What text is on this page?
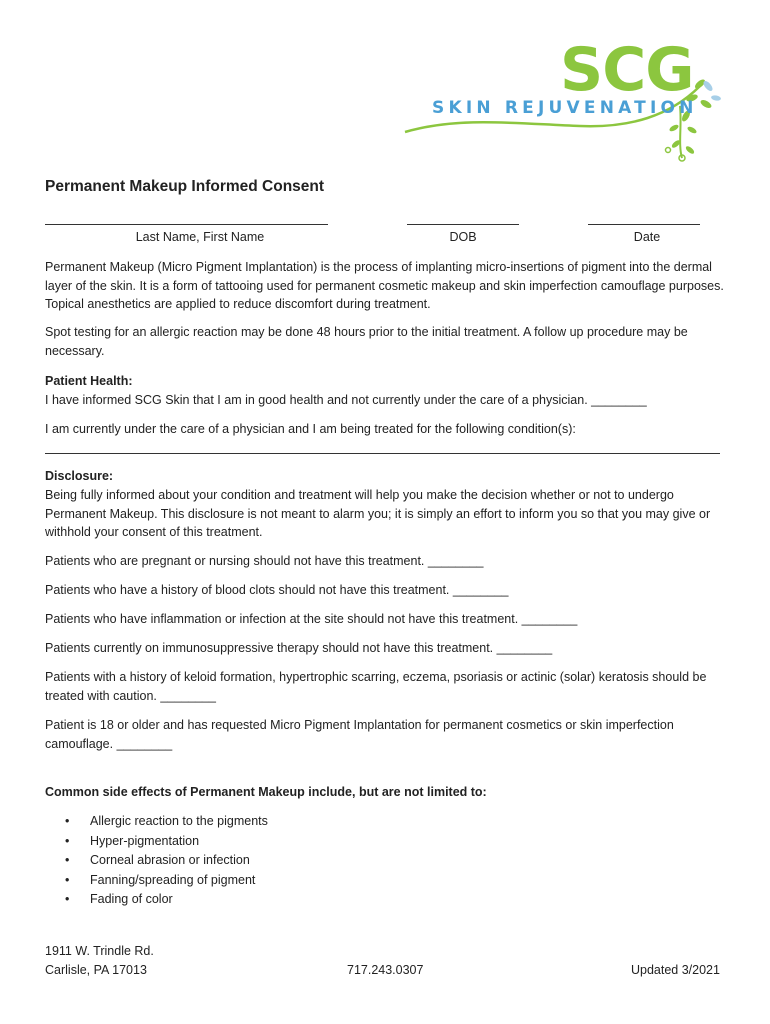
SCG
SKIN REJUVENATION
Permanent Makeup Informed Consent
Last Name, First Name	DOB	Date
Permanent Makeup (Micro Pigment Implantation) is the process of implanting micro-insertions of pigment into the dermal layer of the skin. It is a form of tattooing used for permanent cosmetic makeup and skin imperfection camouflage purposes. Topical anesthetics are applied to reduce discomfort during treatment.
Spot testing for an allergic reaction may be done 48 hours prior to the initial treatment. A follow up procedure may be necessary.
Patient Health:
I have informed SCG Skin that I am in good health and not currently under the care of a physician. ________
I am currently under the care of a physician and I am being treated for the following condition(s):
Disclosure:
Being fully informed about your condition and treatment will help you make the decision whether or not to undergo Permanent Makeup. This disclosure is not meant to alarm you; it is simply an effort to inform you so that you may give or withhold your consent of this treatment.
Patients who are pregnant or nursing should not have this treatment. ________
Patients who have a history of blood clots should not have this treatment. ________
Patients who have inflammation or infection at the site should not have this treatment. ________
Patients currently on immunosuppressive therapy should not have this treatment. ________
Patients with a history of keloid formation, hypertrophic scarring, eczema, psoriasis or actinic (solar) keratosis should be treated with caution. ________
Patient is 18 or older and has requested Micro Pigment Implantation for permanent cosmetics or skin imperfection camouflage. ________
Common side effects of Permanent Makeup include, but are not limited to:
•	Allergic reaction to the pigments
•	Hyper-pigmentation
•	Corneal abrasion or infection
•	Fanning/spreading of pigment
•	Fading of color
1911 W. Trindle Rd.
Carlisle, PA 17013	717.243.0307	Updated 3/2021
